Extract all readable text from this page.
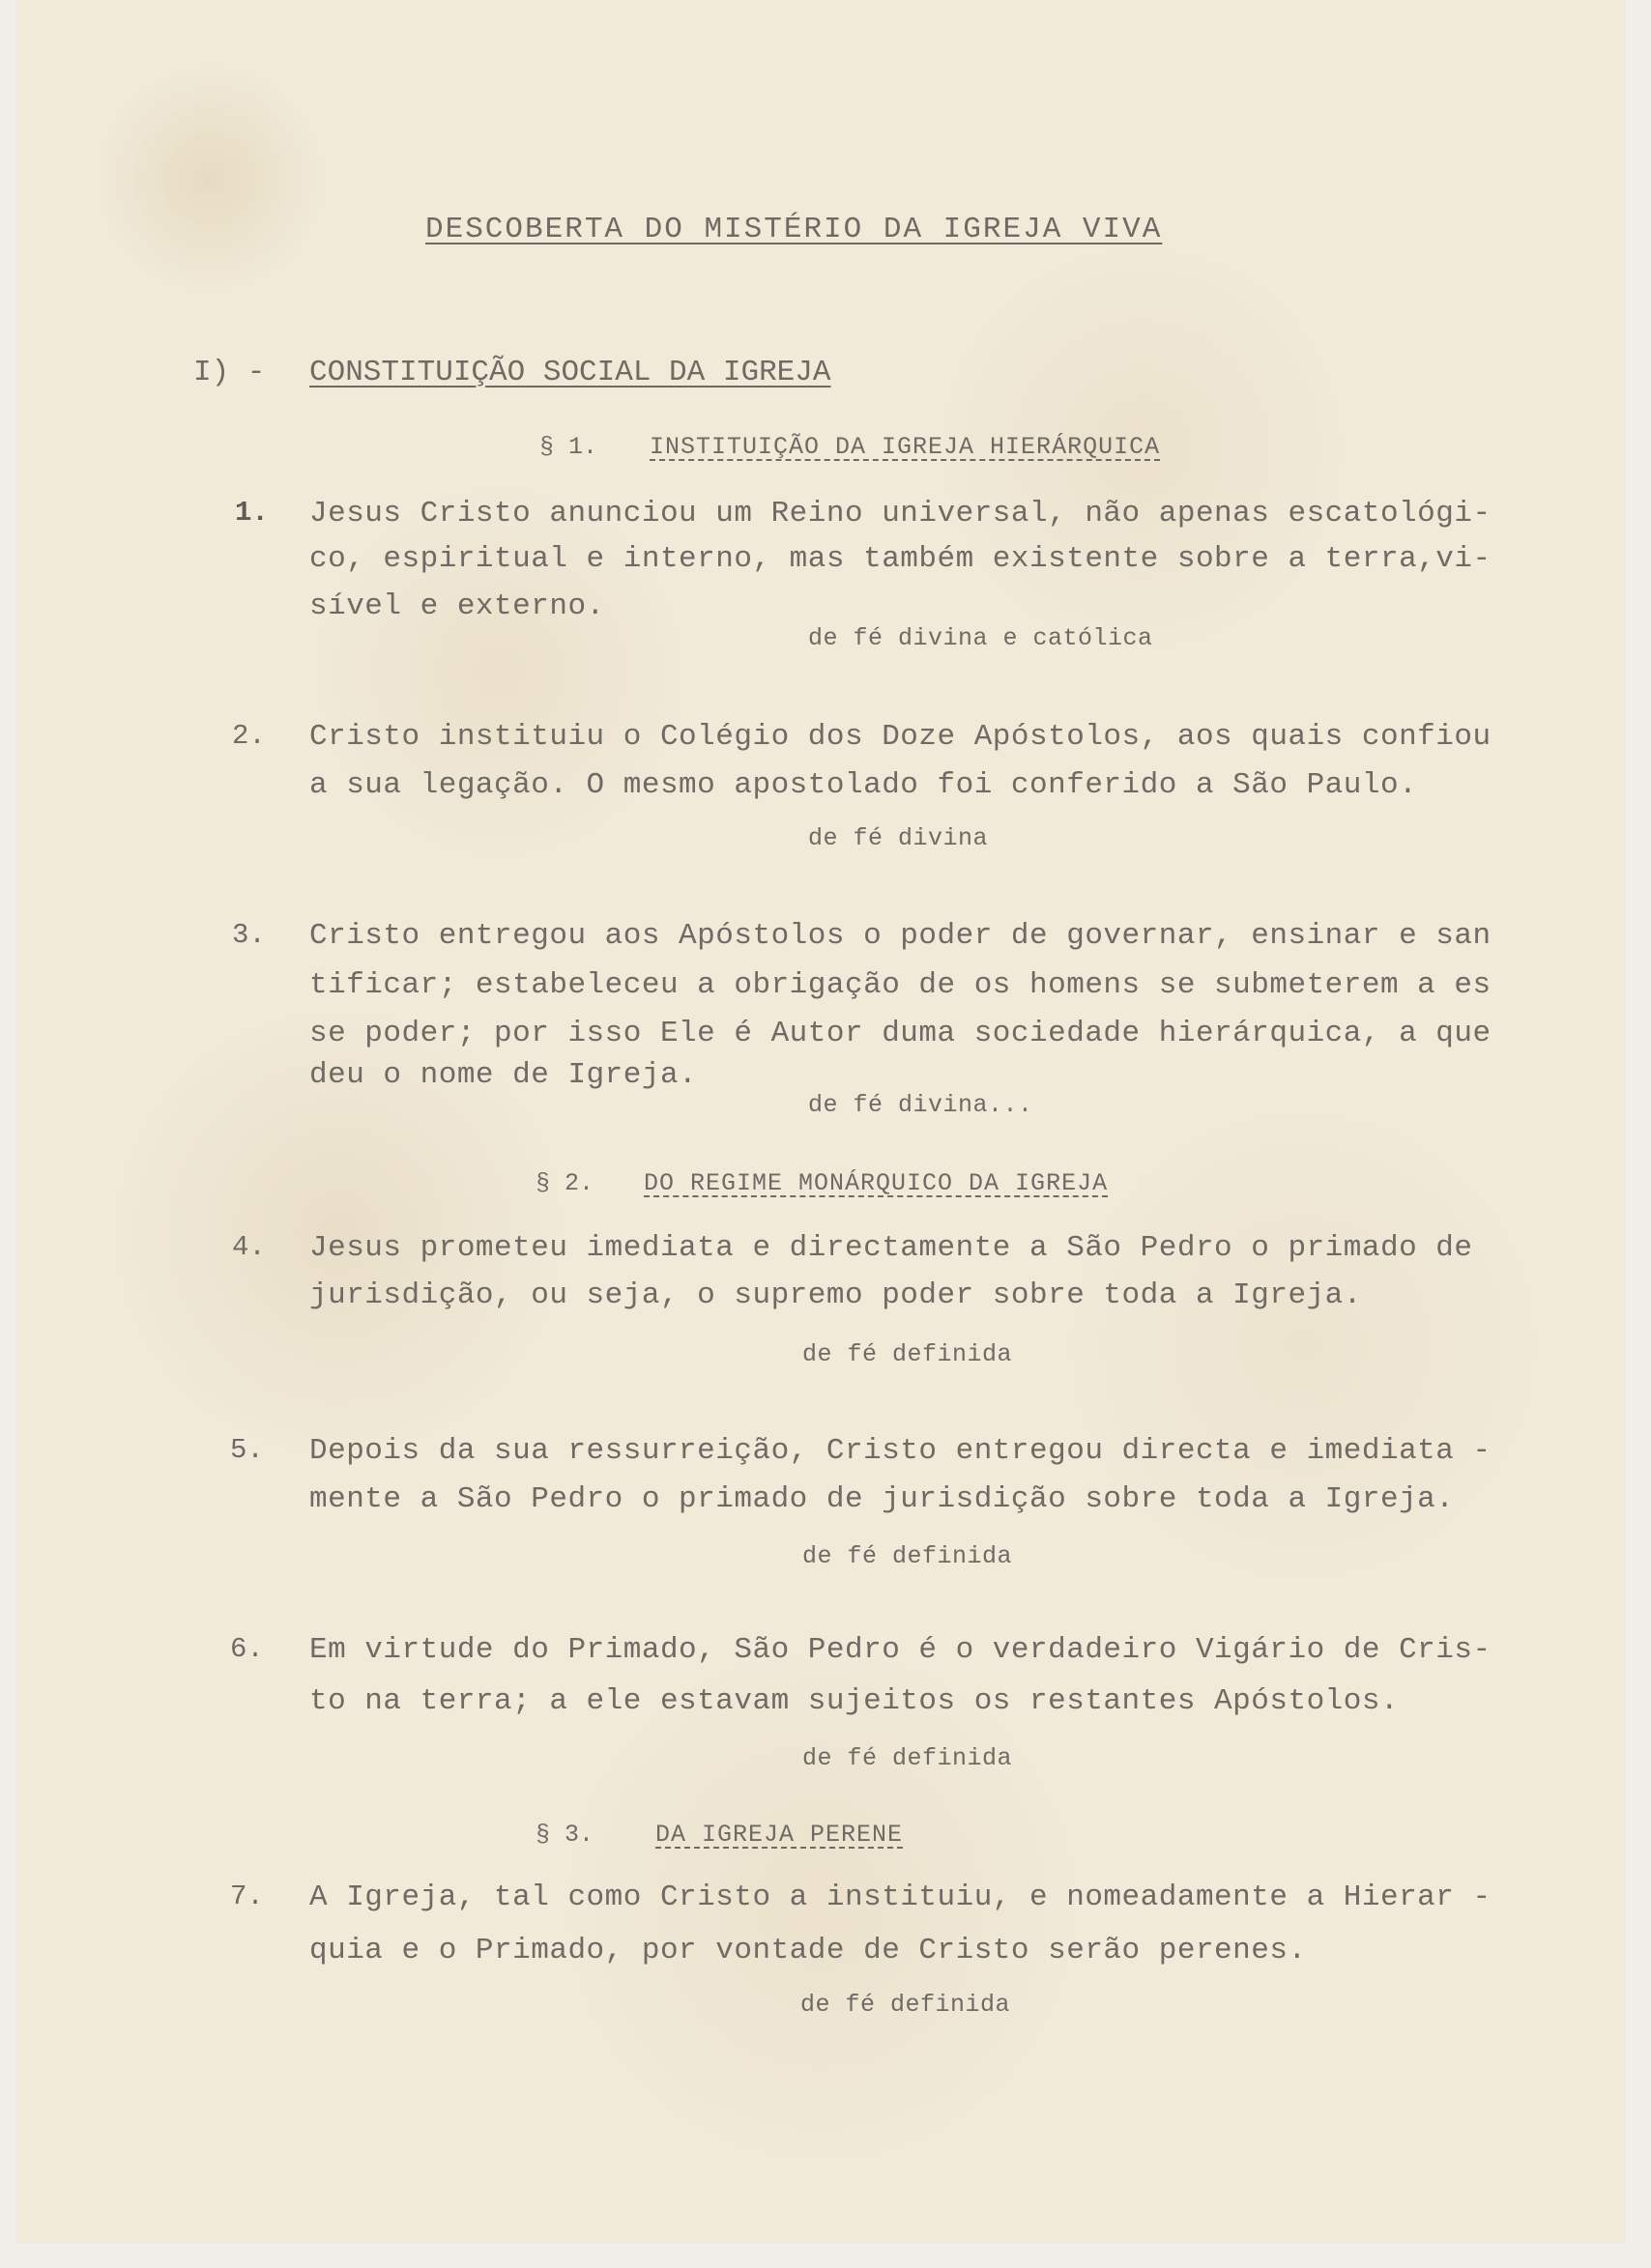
DESCOBERTA DO MISTÉRIO DA IGREJA VIVA
I) - CONSTITUIÇÃO SOCIAL DA IGREJA
§ 1. INSTITUIÇÃO DA IGREJA HIERÁRQUICA
1. Jesus Cristo anunciou um Reino universal, não apenas escatológi-
co, espiritual e interno, mas também existente sobre a terra,vi-
sível e externo.
de fé divina e católica
2. Cristo instituiu o Colégio dos Doze Apóstolos, aos quais confiou
a sua legação. O mesmo apostolado foi conferido a São Paulo.
de fé divina
3. Cristo entregou aos Apóstolos o poder de governar, ensinar e san
tificar; estabeleceu a obrigação de os homens se submeterem a es
se poder; por isso Ele é Autor duma sociedade hierárquica, a que
deu o nome de Igreja.
de fé divina...
§ 2. DO REGIME MONÁRQUICO DA IGREJA
4. Jesus prometeu imediata e directamente a São Pedro o primado de
jurisdição, ou seja, o supremo poder sobre toda a Igreja.
de fé definida
5. Depois da sua ressurreição, Cristo entregou directa e imediata -
mente a São Pedro o primado de jurisdição sobre toda a Igreja.
de fé definida
6. Em virtude do Primado, São Pedro é o verdadeiro Vigário de Cris-
to na terra; a ele estavam sujeitos os restantes Apóstolos.
de fé definida
§ 3.	DA IGREJA PERENE
7. A Igreja, tal como Cristo a instituiu, e nomeadamente a Hierar -
quia e o Primado, por vontade de Cristo serão perenes.
de fé definida
